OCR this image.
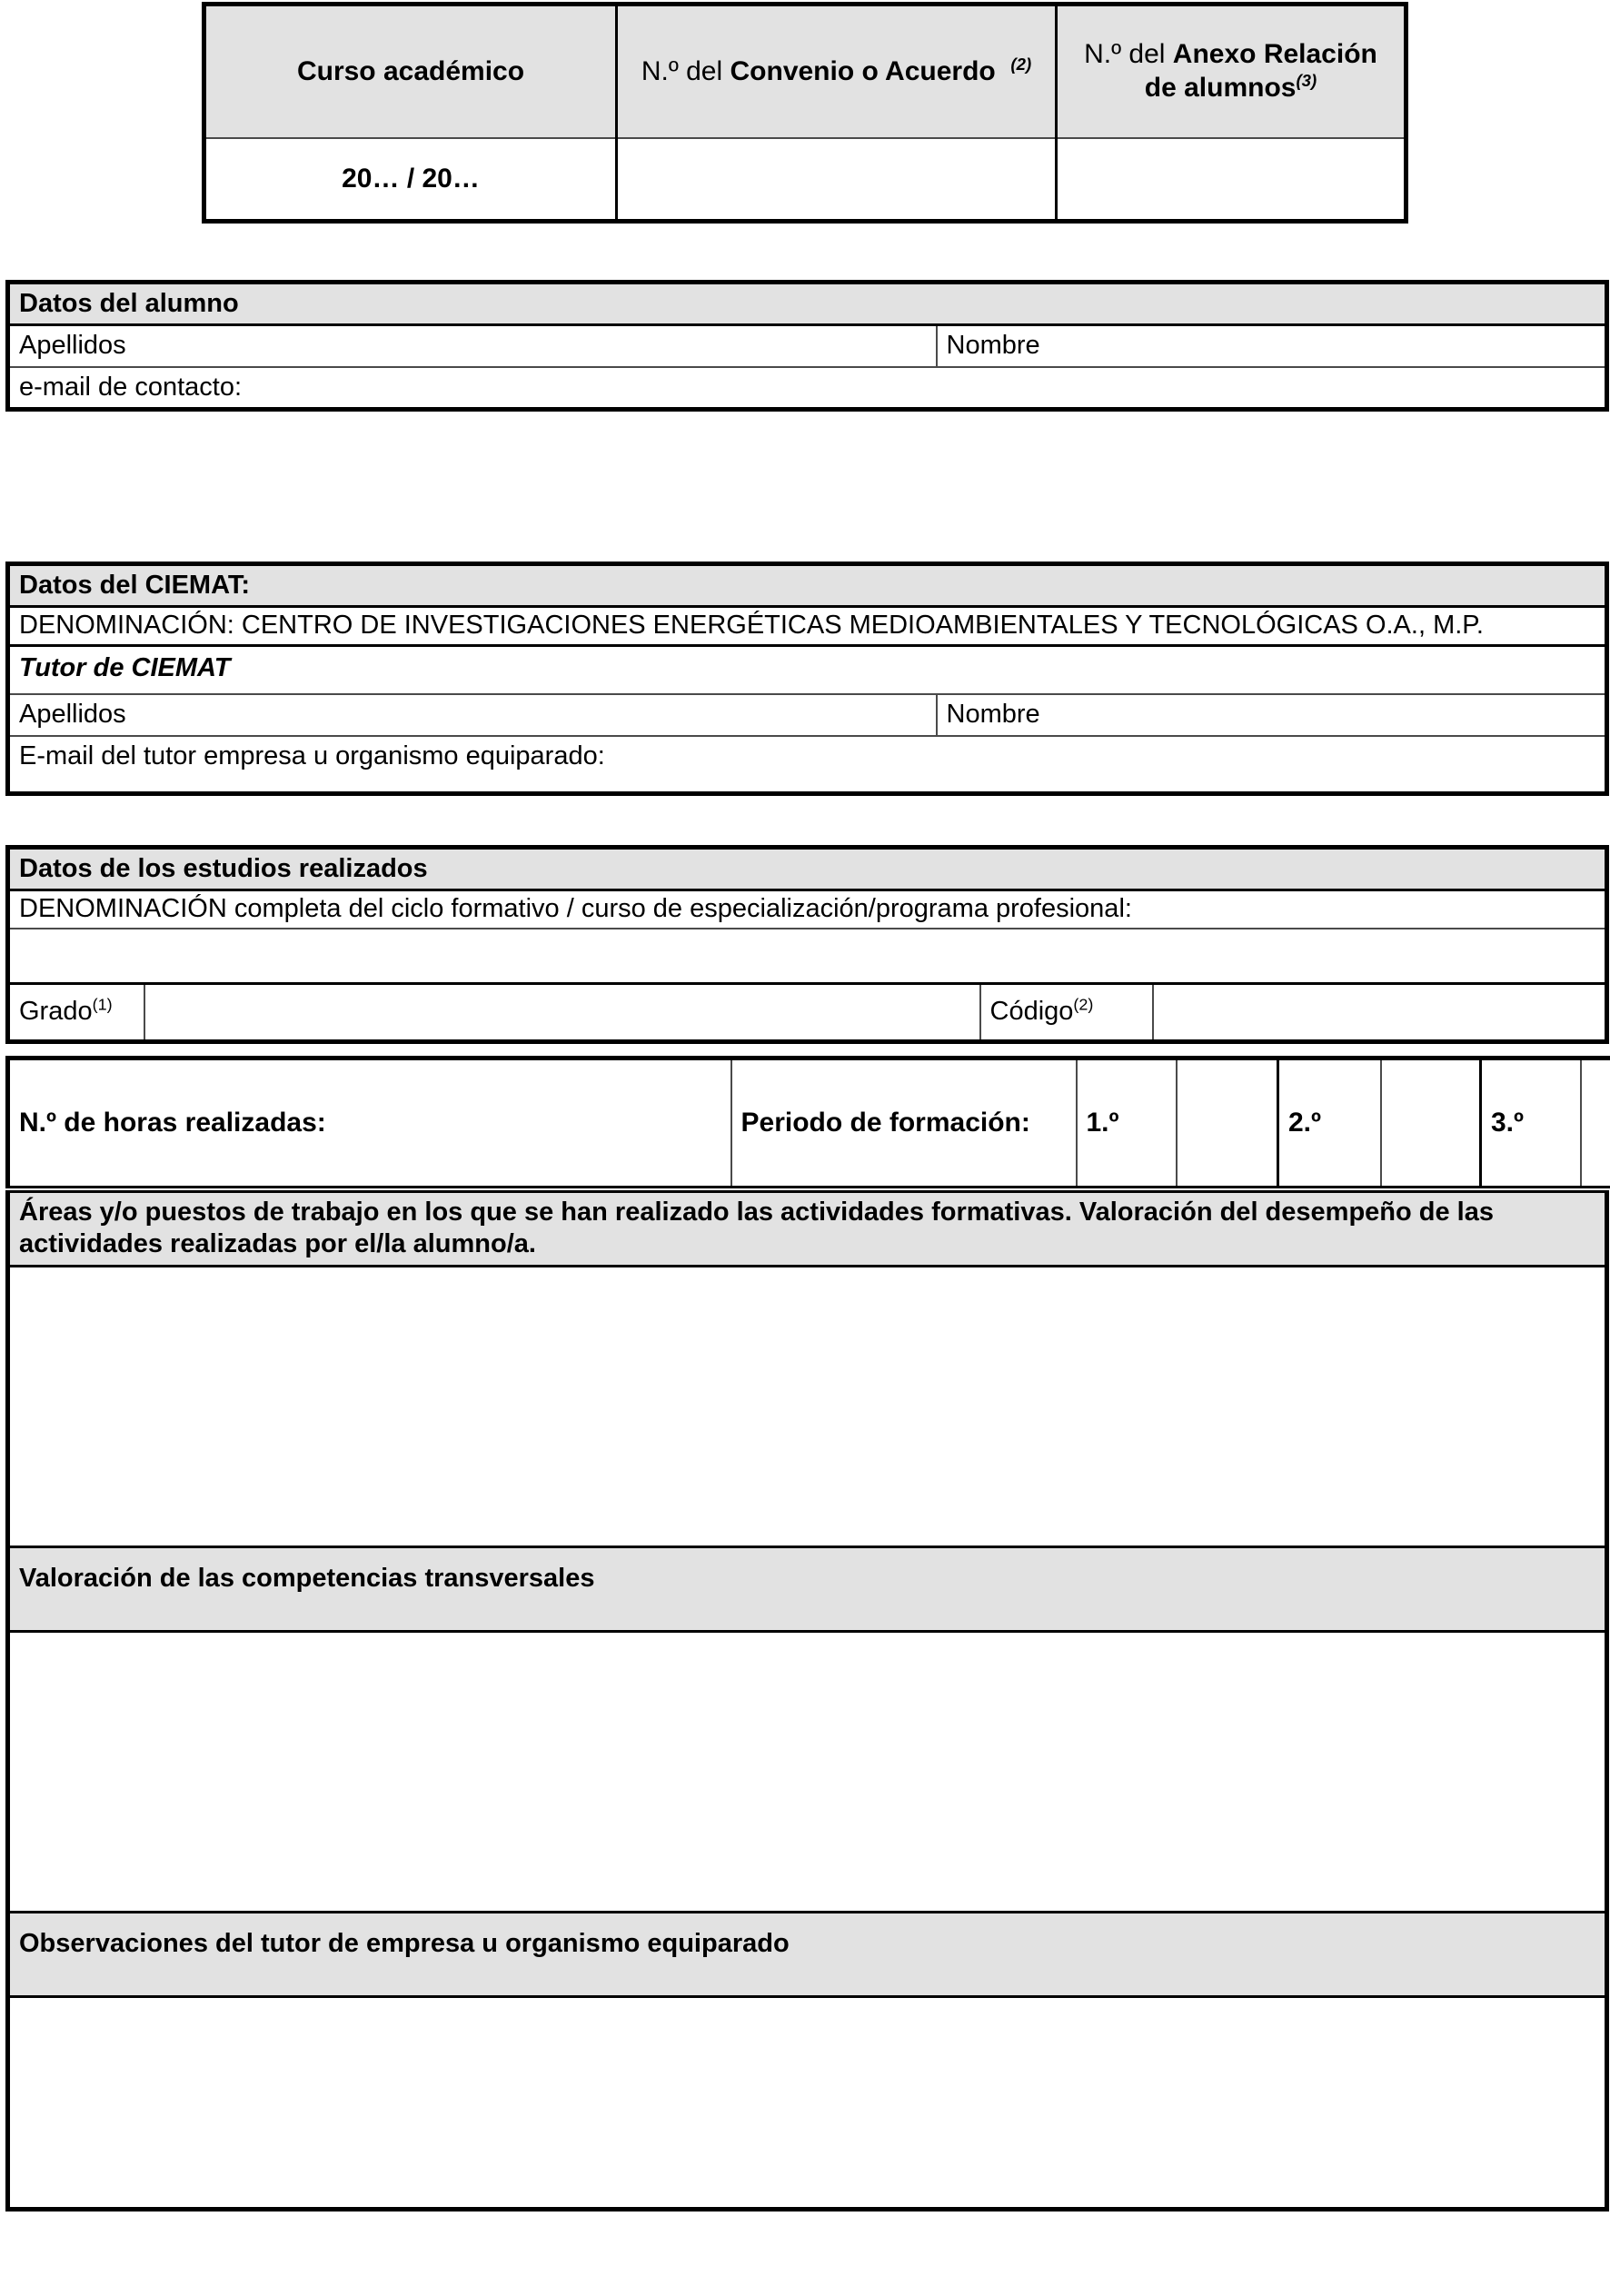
Curso académico	N.º del Convenio o Acuerdo $^{(2)}$	N.º del Anexo Relación
de alumnos$^{(3)}$
20… / 20…		
Datos del alumno
Apellidos	Nombre
e-mail de contacto:
Datos del CIEMAT:
DENOMINACIÓN: CENTRO DE INVESTIGACIONES ENERGÉTICAS MEDIOAMBIENTALES Y TECNOLÓGICAS O.A., M.P.
Tutor de CIEMAT
Apellidos	Nombre
E-mail del tutor empresa u organismo equiparado:
Datos de los estudios realizados
DENOMINACIÓN completa del ciclo formativo / curso de especialización/programa profesional:

Grado$^{(1)}$		Código$^{(2)}$	
N.º de horas realizadas:	Periodo de formación:	1.º		2.º		3.º	
Áreas y/o puestos de trabajo en los que se han realizado las actividades formativas. Valoración del desempeño de las actividades realizadas por el/la alumno/a.

Valoración de las competencias transversales

Observaciones del tutor de empresa u organismo equiparado
